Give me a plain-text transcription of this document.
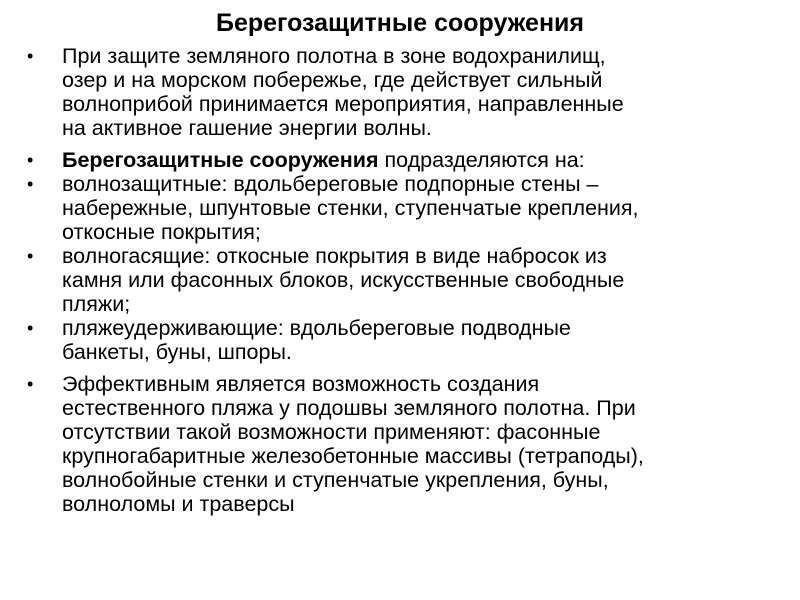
Берегозащитные сооружения
•	При защите земляного полотна в зоне водохранилищ,
озер и на морском побережье, где действует сильный
волноприбой принимается мероприятия, направленные
на активное гашение энергии волны.
•	Берегозащитные сооружения подразделяются на:
•	волнозащитные: вдольбереговые подпорные стены –
набережные, шпунтовые стенки, ступенчатые крепления,
откосные покрытия;
•	волногасящие: откосные покрытия в виде набросок из
камня или фасонных блоков, искусственные свободные
пляжи;
•	пляжеудерживающие: вдольбереговые подводные
банкеты, буны, шпоры.
•	Эффективным является возможность создания
естественного пляжа у подошвы земляного полотна. При
отсутствии такой возможности применяют: фасонные
крупногабаритные железобетонные массивы (тетраподы),
волнобойные стенки и ступенчатые укрепления, буны,
волноломы и траверсы
